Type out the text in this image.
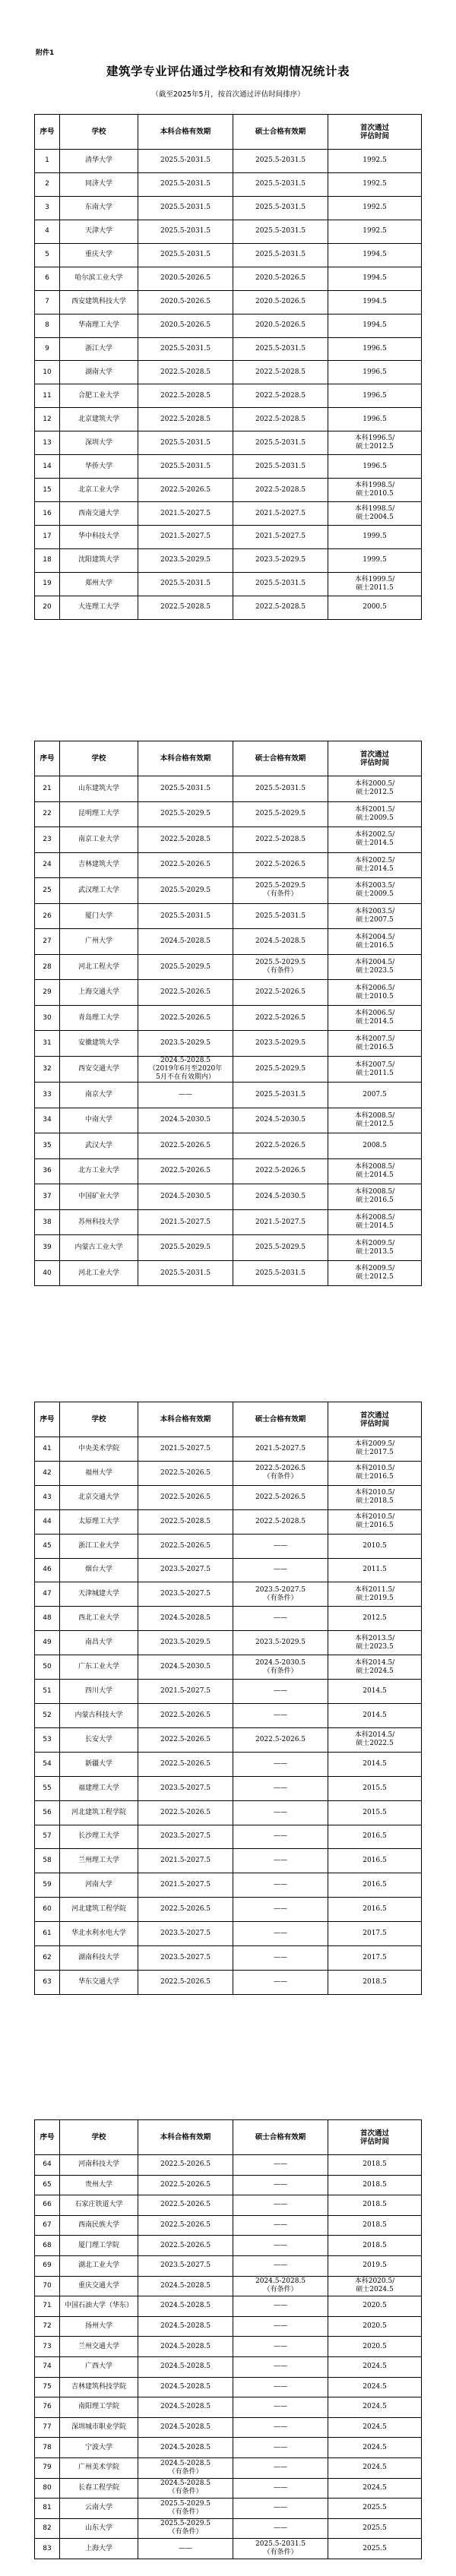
附件1
建筑学专业评估通过学校和有效期情况统计表
（截至2025年5月，按首次通过评估时间排序）
序号	学校	本科合格有效期	硕士合格有效期	首次通过
评估时间
1	清华大学	2025.5-2031.5	2025.5-2031.5	1992.5
2	同济大学	2025.5-2031.5	2025.5-2031.5	1992.5
3	东南大学	2025.5-2031.5	2025.5-2031.5	1992.5
4	天津大学	2025.5-2031.5	2025.5-2031.5	1992.5
5	重庆大学	2025.5-2031.5	2025.5-2031.5	1994.5
6	哈尔滨工业大学	2020.5-2026.5	2020.5-2026.5	1994.5
7	西安建筑科技大学	2020.5-2026.5	2020.5-2026.5	1994.5
8	华南理工大学	2020.5-2026.5	2020.5-2026.5	1994.5
9	浙江大学	2025.5-2031.5	2025.5-2031.5	1996.5
10	湖南大学	2022.5-2028.5	2022.5-2028.5	1996.5
11	合肥工业大学	2022.5-2028.5	2022.5-2028.5	1996.5
12	北京建筑大学	2022.5-2028.5	2022.5-2028.5	1996.5
13	深圳大学	2025.5-2031.5	2025.5-2031.5	本科1996.5/
硕士2012.5
14	华侨大学	2025.5-2031.5	2025.5-2031.5	1996.5
15	北京工业大学	2022.5-2026.5	2022.5-2028.5	本科1998.5/
硕士2010.5
16	西南交通大学	2021.5-2027.5	2021.5-2027.5	本科1998.5/
硕士2004.5
17	华中科技大学	2021.5-2027.5	2021.5-2027.5	1999.5
18	沈阳建筑大学	2023.5-2029.5	2023.5-2029.5	1999.5
19	郑州大学	2025.5-2031.5	2025.5-2031.5	本科1999.5/
硕士2011.5
20	大连理工大学	2022.5-2028.5	2022.5-2028.5	2000.5
序号	学校	本科合格有效期	硕士合格有效期	首次通过
评估时间
21	山东建筑大学	2025.5-2031.5	2025.5-2031.5	本科2000.5/
硕士2012.5
22	昆明理工大学	2025.5-2029.5	2025.5-2029.5	本科2001.5/
硕士2009.5
23	南京工业大学	2022.5-2028.5	2022.5-2028.5	本科2002.5/
硕士2014.5
24	吉林建筑大学	2022.5-2026.5	2022.5-2026.5	本科2002.5/
硕士2014.5
25	武汉理工大学	2025.5-2029.5	2025.5-2029.5
（有条件）	本科2003.5/
硕士2009.5
26	厦门大学	2025.5-2031.5	2025.5-2031.5	本科2003.5/
硕士2007.5
27	广州大学	2024.5-2028.5	2024.5-2028.5	本科2004.5/
硕士2016.5
28	河北工程大学	2025.5-2029.5	2025.5-2029.5
（有条件）	本科2004.5/
硕士2023.5
29	上海交通大学	2022.5-2026.5	2022.5-2026.5	本科2006.5/
硕士2010.5
30	青岛理工大学	2022.5-2026.5	2022.5-2026.5	本科2006.5/
硕士2014.5
31	安徽建筑大学	2023.5-2029.5	2023.5-2029.5	本科2007.5/
硕士2016.5
32	西安交通大学	2024.5-2028.5
（2019年6月至2020年
5月不在有效期内）	2025.5-2029.5	本科2007.5/
硕士2011.5
33	南京大学	——	2025.5-2031.5	2007.5
34	中南大学	2024.5-2030.5	2024.5-2030.5	本科2008.5/
硕士2012.5
35	武汉大学	2022.5-2026.5	2022.5-2026.5	2008.5
36	北方工业大学	2022.5-2026.5	2022.5-2026.5	本科2008.5/
硕士2014.5
37	中国矿业大学	2024.5-2030.5	2024.5-2030.5	本科2008.5/
硕士2016.5
38	苏州科技大学	2021.5-2027.5	2021.5-2027.5	本科2008.5/
硕士2014.5
39	内蒙古工业大学	2025.5-2029.5	2025.5-2029.5	本科2009.5/
硕士2013.5
40	河北工业大学	2025.5-2031.5	2025.5-2031.5	本科2009.5/
硕士2012.5
序号	学校	本科合格有效期	硕士合格有效期	首次通过
评估时间
41	中央美术学院	2021.5-2027.5	2021.5-2027.5	本科2009.5/
硕士2017.5
42	福州大学	2022.5-2026.5	2022.5-2026.5
（有条件）	本科2010.5/
硕士2016.5
43	北京交通大学	2022.5-2026.5	2022.5-2026.5	本科2010.5/
硕士2018.5
44	太原理工大学	2022.5-2028.5	2022.5-2028.5	本科2010.5/
硕士2016.5
45	浙江工业大学	2022.5-2026.5	——	2010.5
46	烟台大学	2023.5-2027.5	——	2011.5
47	天津城建大学	2023.5-2027.5	2023.5-2027.5
（有条件）	本科2011.5/
硕士2019.5
48	西北工业大学	2024.5-2028.5	——	2012.5
49	南昌大学	2023.5-2029.5	2023.5-2029.5	本科2013.5/
硕士2023.5
50	广东工业大学	2024.5-2030.5	2024.5-2030.5
（有条件）	本科2014.5/
硕士2024.5
51	四川大学	2021.5-2027.5	——	2014.5
52	内蒙古科技大学	2022.5-2026.5	——	2014.5
53	长安大学	2022.5-2026.5	2022.5-2026.5	本科2014.5/
硕士2022.5
54	新疆大学	2022.5-2026.5	——	2014.5
55	福建理工大学	2023.5-2027.5	——	2015.5
56	河北建筑工程学院	2022.5-2026.5	——	2015.5
57	长沙理工大学	2023.5-2027.5	——	2016.5
58	兰州理工大学	2021.5-2027.5	——	2016.5
59	河南大学	2021.5-2027.5	——	2016.5
60	河北建筑工程学院	2022.5-2026.5	——	2016.5
61	华北水利水电大学	2023.5-2027.5	——	2017.5
62	湖南科技大学	2023.5-2027.5	——	2017.5
63	华东交通大学	2022.5-2026.5	——	2018.5
序号	学校	本科合格有效期	硕士合格有效期	首次通过
评估时间
64	河南科技大学	2022.5-2026.5	——	2018.5
65	贵州大学	2022.5-2026.5	——	2018.5
66	石家庄铁道大学	2022.5-2026.5	——	2018.5
67	西南民族大学	2022.5-2026.5	——	2018.5
68	厦门理工学院	2022.5-2026.5	——	2018.5
69	湖北工业大学	2023.5-2027.5	——	2019.5
70	重庆交通大学	2024.5-2028.5	2024.5-2028.5
（有条件）	本科2020.5/
硕士2024.5
71	中国石油大学（华东）	2024.5-2028.5	——	2020.5
72	扬州大学	2024.5-2028.5	——	2020.5
73	兰州交通大学	2024.5-2028.5	——	2020.5
74	广西大学	2024.5-2028.5	——	2024.5
75	吉林建筑科技学院	2024.5-2028.5	——	2024.5
76	南阳理工学院	2024.5-2028.5	——	2024.5
77	深圳城市职业学院	2024.5-2028.5	——	2024.5
78	宁波大学	2024.5-2028.5	——	2024.5
79	广州美术学院	2024.5-2028.5
（有条件）	——	2024.5
80	长春工程学院	2024.5-2028.5
（有条件）	——	2024.5
81	云南大学	2025.5-2029.5
（有条件）	——	2025.5
82	山东大学	2025.5-2029.5
（有条件）	——	2025.5
83	上海大学	——	2025.5-2031.5
（有条件）	2025.5
